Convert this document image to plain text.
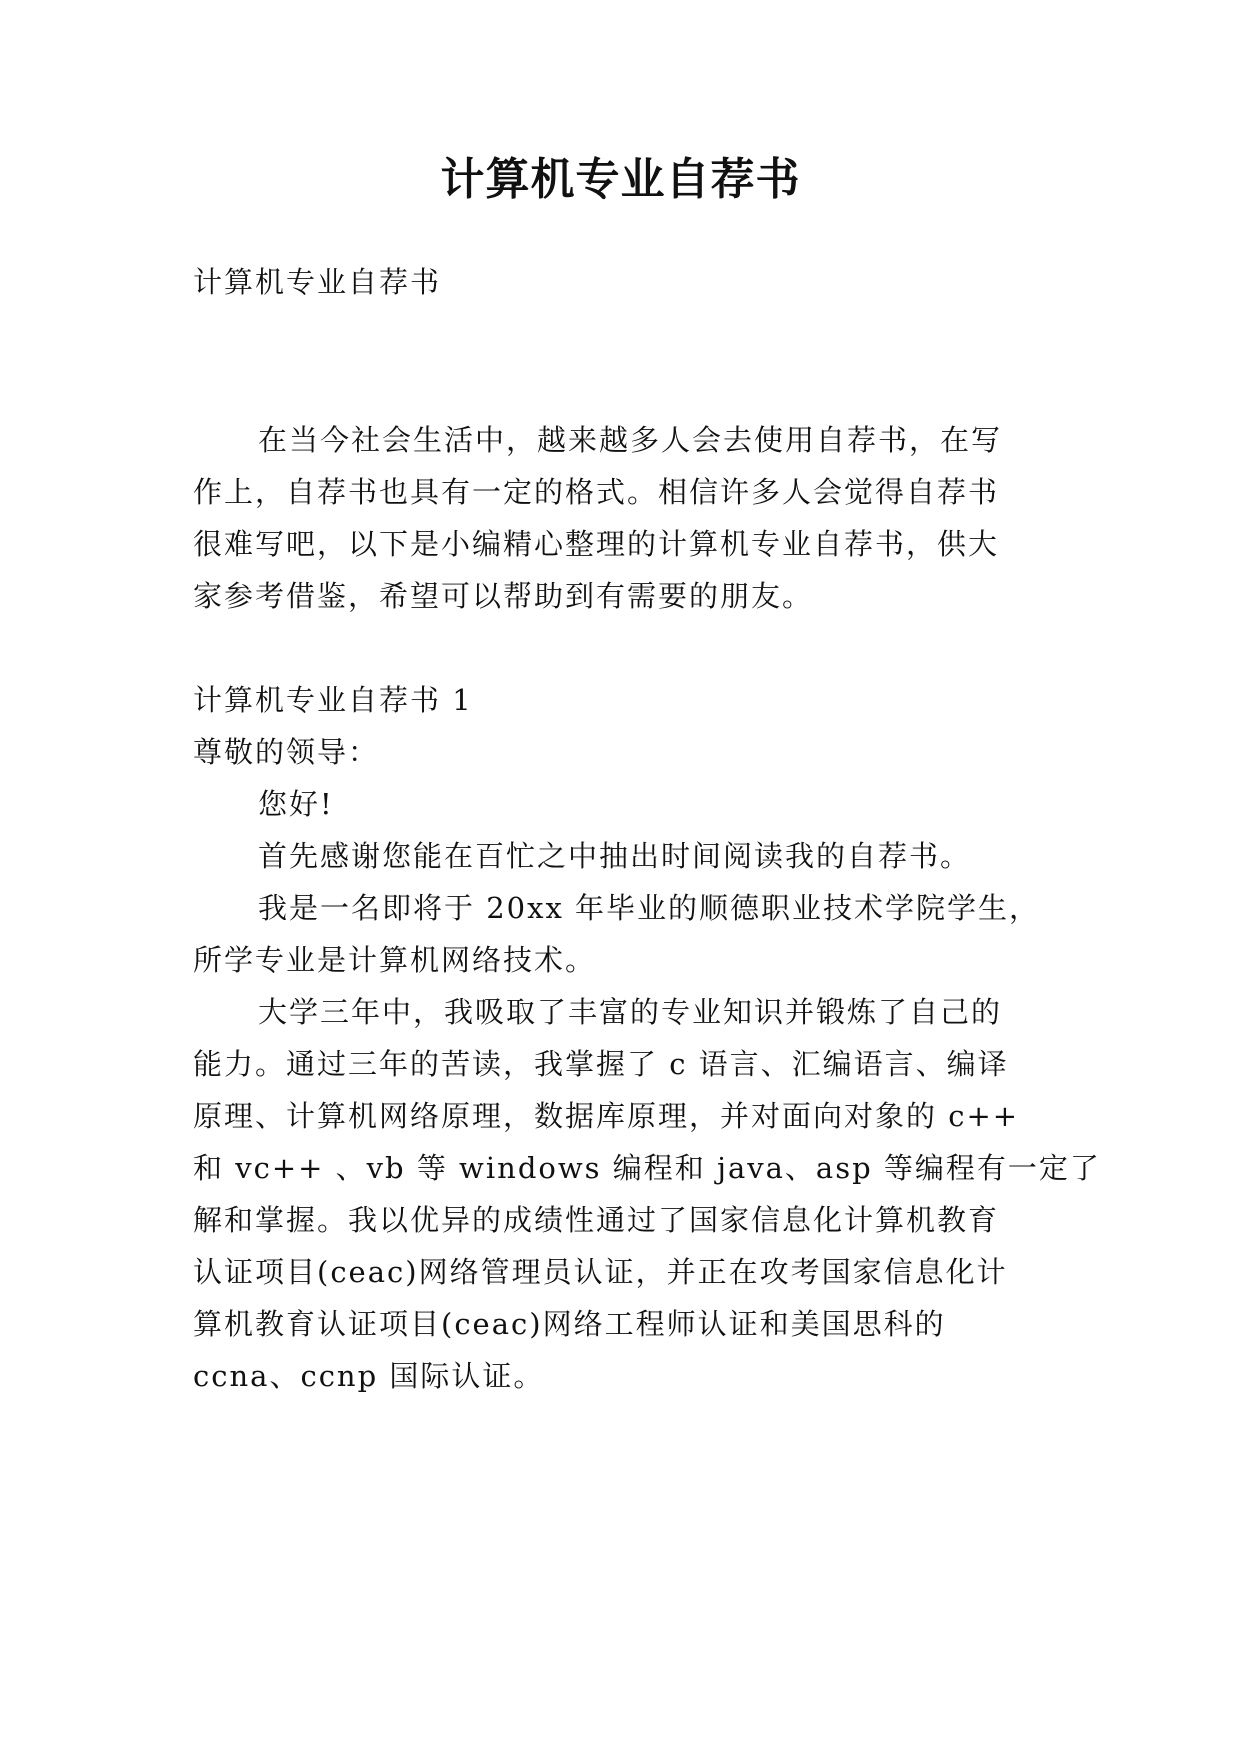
计算机专业自荐书

计算机专业自荐书

在当今社会生活中，越来越多人会去使用自荐书，在写

作上，自荐书也具有一定的格式。相信许多人会觉得自荐书

很难写吧，以下是小编精心整理的计算机专业自荐书，供大

家参考借鉴，希望可以帮助到有需要的朋友。

计算机专业自荐书 1

尊敬的领导：

您好!

首先感谢您能在百忙之中抽出时间阅读我的自荐书。

我是一名即将于 20xx 年毕业的顺德职业技术学院学生，

所学专业是计算机网络技术。

大学三年中，我吸取了丰富的专业知识并锻炼了自己的

能力。通过三年的苦读，我掌握了 c 语言、汇编语言、编译

原理、计算机网络原理，数据库原理，并对面向对象的 c++

和 vc++ 、vb 等 windows 编程和 java、asp 等编程有一定了

解和掌握。我以优异的成绩性通过了国家信息化计算机教育

认证项目(ceac)网络管理员认证，并正在攻考国家信息化计

算机教育认证项目(ceac)网络工程师认证和美国思科的

ccna、ccnp 国际认证。
